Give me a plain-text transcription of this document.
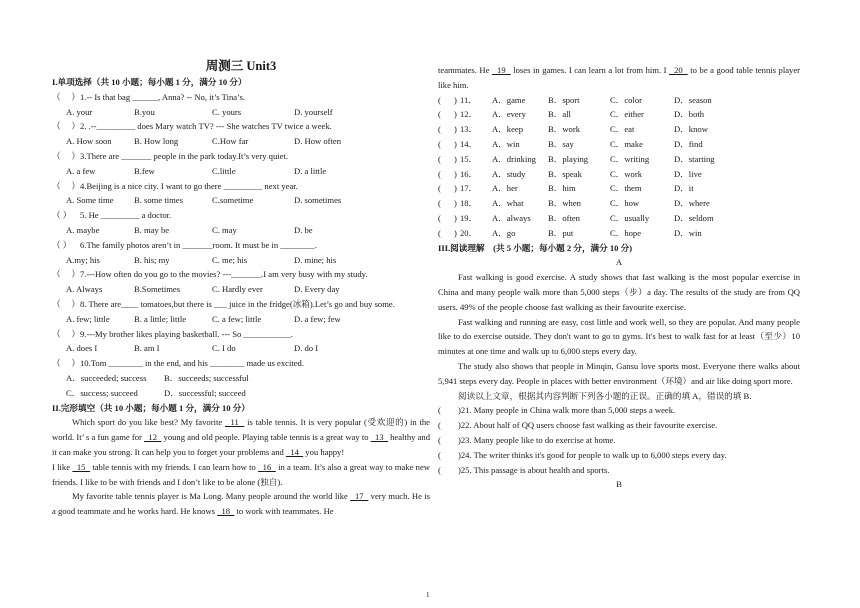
周测三 Unit3
I.单项选择（共 10 小题；每小题 1 分，满分 10 分）
（　 ） 1.-- Is that bag ______, Anna? -- No, it’s Tina’s.
A. your	B.you	C. yours	D. yourself
（　 ） 2. .--_________ does Mary watch TV? --- She watches TV twice a week.
A. How soon	B. How long	C.How far	D. How often
（　 ） 3.There are _______ people in the park today.It’s very quiet.
A. a few	B.few	C.little	D. a little
（　 ） 4.Beijing is a nice city. I want to go there _________ next year.
A. Some time B. some times	C.sometime	D. sometimes
（ ） 5. He _________ a doctor.
A. maybe	B. may be	C. may	D. be
（ ） 6.The family photos aren’t in _______room. It must be in ________.
A.my; his	B. his; my	C. me; his	D. mine; his
（　 ） 7.---How often do you go to the movies? ---_______.I am very busy with my study.
A. Always	B.Sometimes	C. Hardly ever	D. Every day
（　 ） 8. There are____ tomatoes,but there is ___ juice in the fridge(冰箱).Let’s go and buy some.
A. few; little	B. a little; little	C. a few; little	D. a few; few
（　 ） 9.---My brother likes playing basketball. --- So ___________.
A. does I	B. am I	C. I do	D. do I
（　 ） 10.Tom ________ in the end, and his ________ made us excited.
A．succeeded; success B．succeeds; successful
C．success; succeed	D．successful; succeed
II.完形填空（共 10 小题；每小题 1 分，满分 10 分）
Which sport do you like best? My favorite   11   is table tennis. It is very popular (受欢迎的) in the world. It’ s a fun game for   12   young and old people. Playing table tennis is a great way to   13   healthy and it can make you strong. It can help you to forget your problems and   14   you happy!
I like   15   table tennis with my friends. I can learn how to   16   in a team. It’s also a great way to make new friends. I like to be with friends and I don’t like to be alone (独自).
My favorite table tennis player is Ma Long. Many people around the world like   17   very much. He is a good teammate and he works hard. He knows   18   to work with teammates. He
teammates. He   19   loses in games. I can learn a lot from him. I   20   to be a good table tennis player like him.
( ) 11． A．game	B．sport	C．color	D．season
( ) 12． A．every	B．all	C．either	D．both
( ) 13． A．keep	B．work	C．eat	D．know
( ) 14． A．win	B．say	C．make	D．find
( ) 15． A．drinking B．playing	C．writing	D．starting
( ) 16． A．study	B．speak	C．work	D．live
( ) 17． A．her	B．him	C．them	D．it
( ) 18． A．what	B．when	C．how	D．where
( ) 19． A．always B．often	C．usually	D．seldom
( ) 20． A．go	B．put	C．hope	D．win
III.阅读理解　(共 5 小题；每小题 2 分，满分 10 分)
A
Fast walking is good exercise. A study shows that fast walking is the most popular exercise in China and many people walk more than 5,000 steps（步）a day. The results of the study are from QQ users. 49% of the people choose fast walking as their favourite exercise.
Fast walking and running are easy, cost little and work well, so they are popular. And many people like to do exercise outside. They don't want to go to gyms. It's best to walk fast for at least（至少）10 minutes at one time and walk up to 6,000 steps every day.
The study also shows that people in Minqin, Gansu love sports most. Everyone there walks about 5,941 steps every day. People in places with better environment（环境）and air like doing sport more.
阅读以上文章，根据其内容判断下列各小题的正误。正确的填 A，错误的填 B.
( )21. Many people in China walk more than 5,000 steps a week.
( )22. About half of QQ users choose fast walking as their favourite exercise.
( )23. Many people like to do exercise at home.
( )24. The writer thinks it's good for people to walk up to 6,000 steps every day.
( )25. This passage is about health and sports.
B
1
